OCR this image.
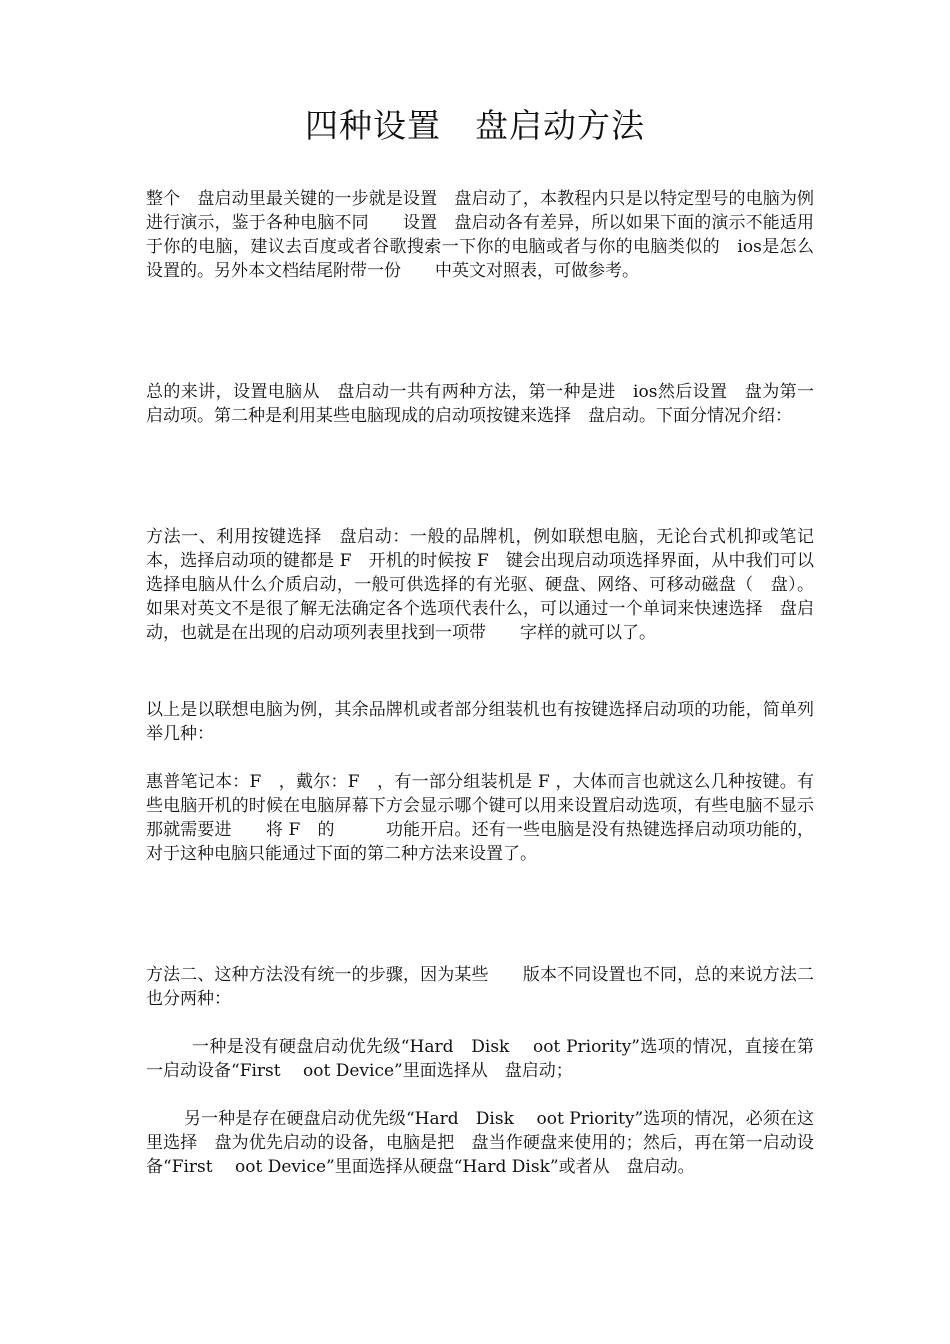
四种设置　盘启动方法

整个　盘启动里最关键的一步就是设置　盘启动了，本教程内只是以特定型号的电脑为例进行演示，鉴于各种电脑不同　　设置　盘启动各有差异，所以如果下面的演示不能适用于你的电脑，建议去百度或者谷歌搜索一下你的电脑或者与你的电脑类似的　ios是怎么设置的。另外本文档结尾附带一份　　中英文对照表，可做参考。

总的来讲，设置电脑从　盘启动一共有两种方法，第一种是进　ios然后设置　盘为第一启动项。第二种是利用某些电脑现成的启动项按键来选择　盘启动。下面分情况介绍：

方法一、利用按键选择　盘启动：一般的品牌机，例如联想电脑，无论台式机抑或笔记本，选择启动项的键都是 F　开机的时候按 F　键会出现启动项选择界面，从中我们可以选择电脑从什么介质启动，一般可供选择的有光驱、硬盘、网络、可移动磁盘（　盘）。如果对英文不是很了解无法确定各个选项代表什么，可以通过一个单词来快速选择　盘启动，也就是在出现的启动项列表里找到一项带　　字样的就可以了。

以上是以联想电脑为例，其余品牌机或者部分组装机也有按键选择启动项的功能，简单列举几种：

惠普笔记本：F　，戴尔：F　，有一部分组装机是 F ，大体而言也就这么几种按键。有些电脑开机的时候在电脑屏幕下方会显示哪个键可以用来设置启动选项，有些电脑不显示 那就需要进　　将 F　的　　　功能开启。还有一些电脑是没有热键选择启动项功能的，对于这种电脑只能通过下面的第二种方法来设置了。

方法二、这种方法没有统一的步骤，因为某些　　版本不同设置也不同，总的来说方法二也分两种：

一种是没有硬盘启动优先级“Hard　Disk　 oot Priority”选项的情况，直接在第一启动设备“First　 oot Device”里面选择从　盘启动；

另一种是存在硬盘启动优先级“Hard　Disk　 oot Priority”选项的情况，必须在这里选择　盘为优先启动的设备，电脑是把　盘当作硬盘来使用的；然后，再在第一启动设备“First　 oot Device”里面选择从硬盘“Hard Disk”或者从　盘启动。
